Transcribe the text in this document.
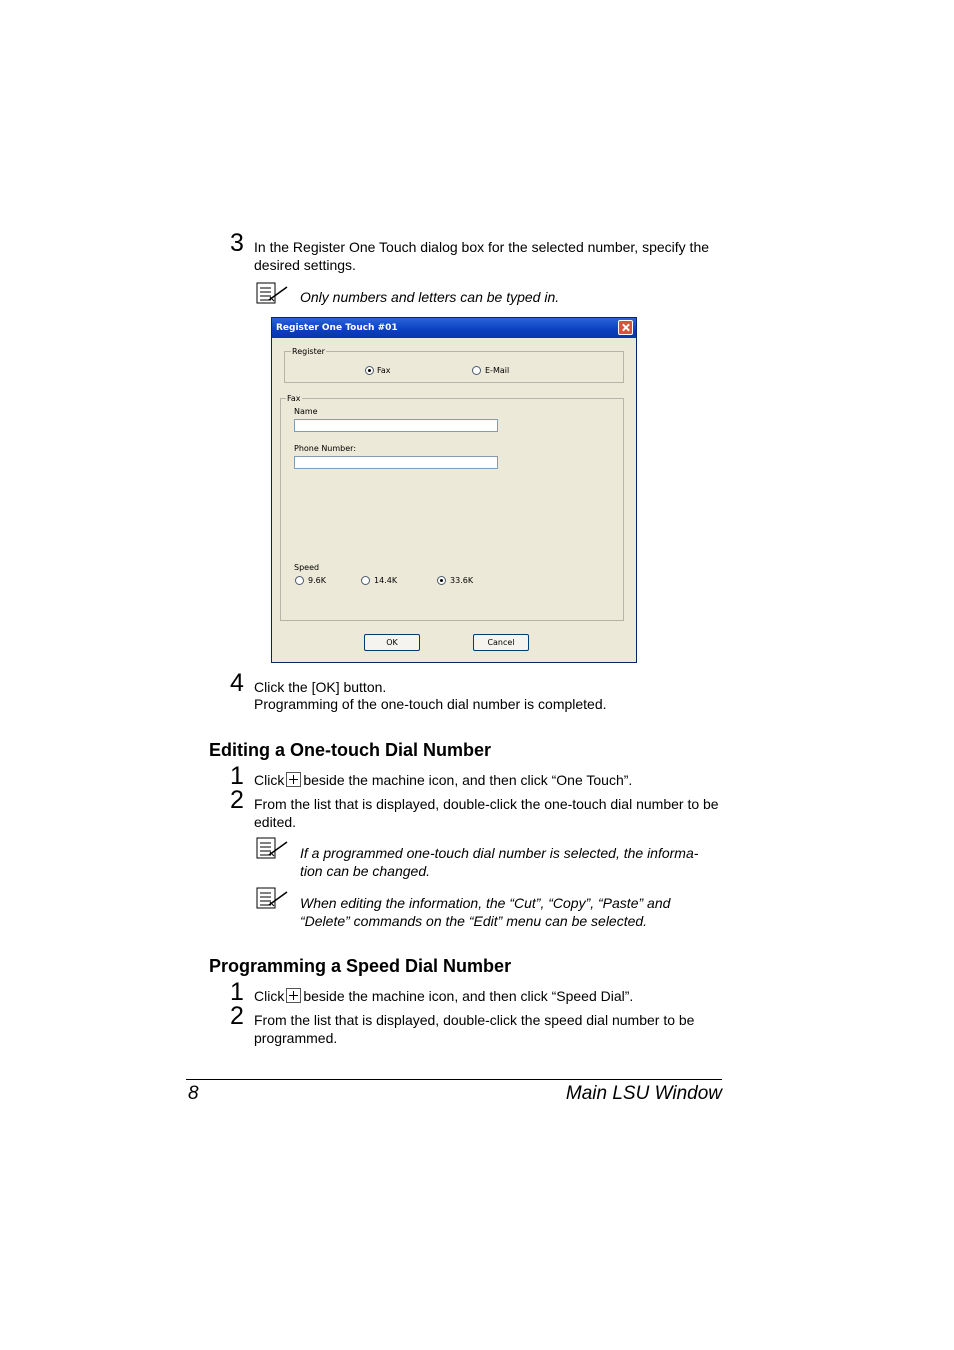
3 In the Register One Touch dialog box for the selected number, specify the desired settings.
Only numbers and letters can be typed in.
Register One Touch #01
Register
Fax	E-Mail
Fax
Name
Phone Number:
Speed
9.6K	14.4K	33.6K
OK	Cancel
4 Click the [OK] button.
Programming of the one-touch dial number is completed.
Editing a One-touch Dial Number
1 Click beside the machine icon, and then click “One Touch”.
2 From the list that is displayed, double-click the one-touch dial number to be edited.
If a programmed one-touch dial number is selected, the informa-tion can be changed.
When editing the information, the “Cut”, “Copy”, “Paste” and “Delete” commands on the “Edit” menu can be selected.
Programming a Speed Dial Number
1 Click beside the machine icon, and then click “Speed Dial”.
2 From the list that is displayed, double-click the speed dial number to be programmed.
8	Main LSU Window
